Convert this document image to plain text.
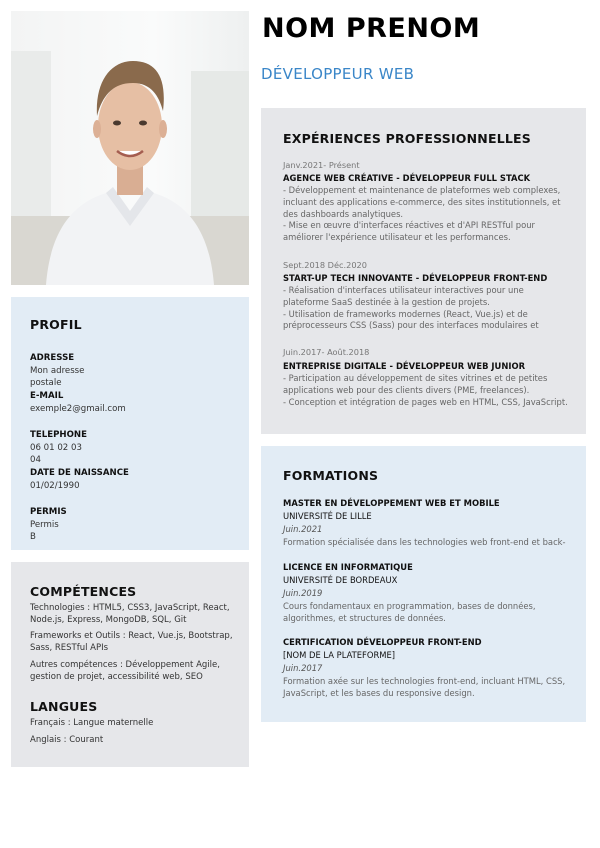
NOM PRENOM
DÉVELOPPEUR WEB
PROFIL
ADRESSE
Mon adresse
postale
E-MAIL
exemple2@gmail.com
TELEPHONE
06 01 02 03
04
DATE DE NAISSANCE
01/02/1990
PERMIS
Permis
B
COMPÉTENCES
Technologies : HTML5, CSS3, JavaScript, React,
Node.js, Express, MongoDB, SQL, Git
Frameworks et Outils : React, Vue.js, Bootstrap,
Sass, RESTful APIs
Autres compétences : Développement Agile,
gestion de projet, accessibilité web, SEO
LANGUES
Français : Langue maternelle
Anglais : Courant
EXPÉRIENCES PROFESSIONNELLES
Janv.2021- Présent
AGENCE WEB CRÉATIVE - DÉVELOPPEUR FULL STACK
- Développement et maintenance de plateformes web complexes,
incluant des applications e-commerce, des sites institutionnels, et
des dashboards analytiques.
- Mise en œuvre d'interfaces réactives et d'API RESTful pour
améliorer l'expérience utilisateur et les performances.
Sept.2018 Déc.2020
START-UP TECH INNOVANTE - DÉVELOPPEUR FRONT-END
- Réalisation d'interfaces utilisateur interactives pour une
plateforme SaaS destinée à la gestion de projets.
- Utilisation de frameworks modernes (React, Vue.js) et de
préprocesseurs CSS (Sass) pour des interfaces modulaires et
Juin.2017- Août.2018
ENTREPRISE DIGITALE - DÉVELOPPEUR WEB JUNIOR
- Participation au développement de sites vitrines et de petites
applications web pour des clients divers (PME, freelances).
- Conception et intégration de pages web en HTML, CSS, JavaScript.
FORMATIONS
MASTER EN DÉVELOPPEMENT WEB ET MOBILE
UNIVERSITÉ DE LILLE
Juin.2021
Formation spécialisée dans les technologies web front-end et back-
LICENCE EN INFORMATIQUE
UNIVERSITÉ DE BORDEAUX
Juin.2019
Cours fondamentaux en programmation, bases de données,
algorithmes, et structures de données.
CERTIFICATION DÉVELOPPEUR FRONT-END
[NOM DE LA PLATEFORME]
Juin.2017
Formation axée sur les technologies front-end, incluant HTML, CSS,
JavaScript, et les bases du responsive design.
